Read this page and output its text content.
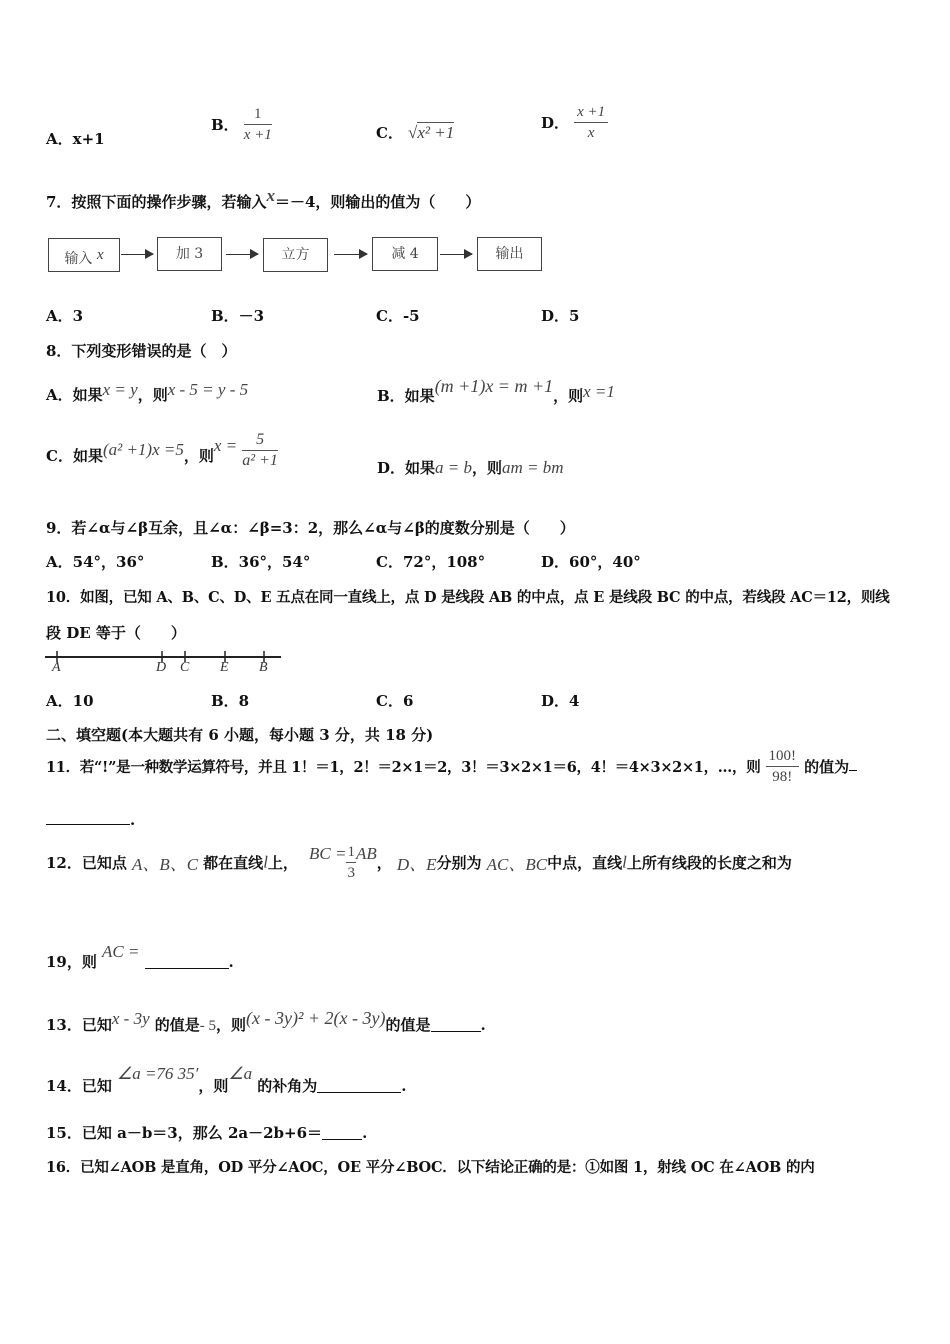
A．x+1
B． $\frac{1}{x +1}$	C． √x² +1	D． $\frac{x +1}{x}$
7．按照下面的操作步骤，若输入x＝－4，则输出的值为（　　）
输入 x	加 3	立方	减 4	输出
A．3	B．－3	C．-5	D．5
8．下列变形错误的是（　）
A．如果x = y，则x - 5 = y - 5	B．如果(m +1)x = m +1，则x =1
C．如果(a² +1)x =5，则$x = \frac{5}{\text{a² +1}}$	D．如果a = b，则am = bm
9．若∠α与∠β互余，且∠α：∠β=3：2，那么∠α与∠β的度数分别是（　　）
A．54°，36°	B．36°，54°	C．72°，108°	D．60°，40°
10．如图，已知 A、B、C、D、E 五点在同一直线上，点 D 是线段 AB 的中点，点 E 是线段 BC 的中点，若线段 AC＝12，则线
段 DE 等于（　　）
A	D C E B
A．10	B．8	C．6	D．4
二、填空题(本大题共有 6 小题，每小题 3 分，共 18 分)
11．若“!”是一种数学运算符号，并且 1！＝1，2！＝2×1＝2，3！＝3×2×1＝6，4！＝4×3×2×1，…，则 $\frac{100!}{98!}$ 的值为
.
12．已知点 A、B、C 都在直线l上， BC = $\frac{1}{3}$ AB， D、E分别为 AC、BC中点，直线l上所有线段的长度之和为
19，则 AC = .
13．已知x - 3y 的值是- 5，则(x - 3y)² + 2(x - 3y)的值是	.
14．已知 ∠a =76 35′，则∠a 的补角为	.
15．已知 a－b＝3，那么 2a－2b+6＝	.
16．已知∠AOB 是直角，OD 平分∠AOC，OE 平分∠BOC．以下结论正确的是：①如图 1，射线 OC 在∠AOB 的内
